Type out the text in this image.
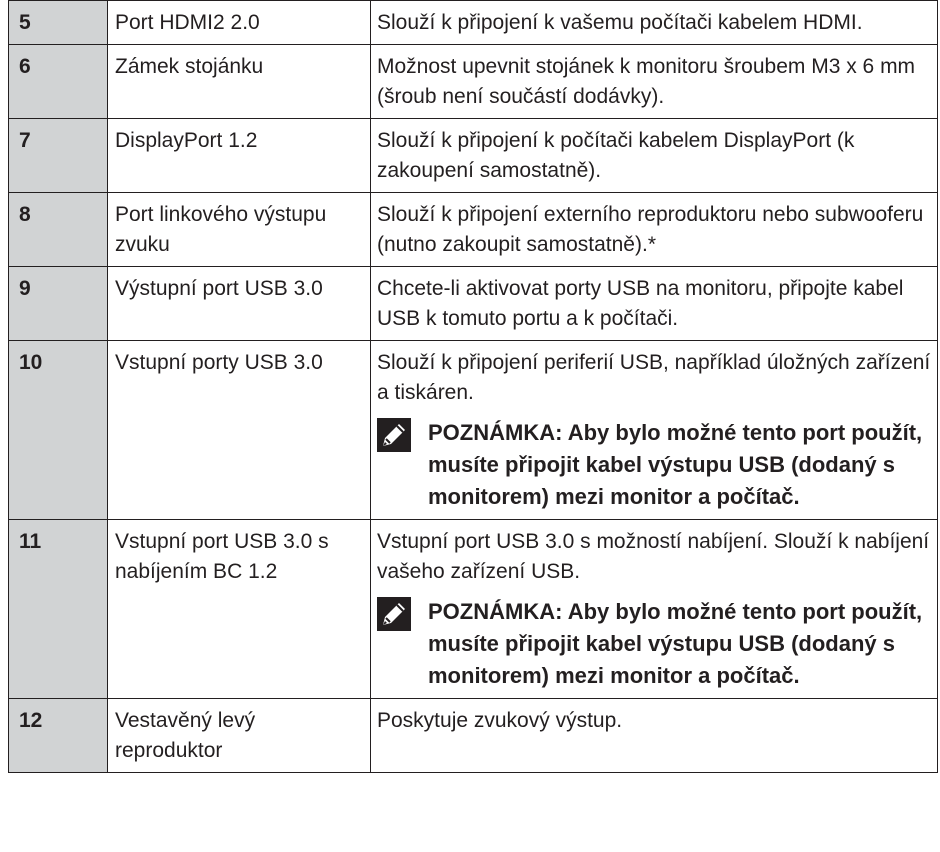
5	Port HDMI2 2.0	Slouží k připojení k vašemu počítači kabelem HDMI.
6	Zámek stojánku	Možnost upevnit stojánek k monitoru šroubem M3 x 6 mm (šroub není součástí dodávky).
7	DisplayPort 1.2	Slouží k připojení k počítači kabelem DisplayPort (k zakoupení samostatně).
8	Port linkového výstupu zvuku	Slouží k připojení externího reproduktoru nebo subwooferu (nutno zakoupit samostatně).*
9	Výstupní port USB 3.0	Chcete-li aktivovat porty USB na monitoru, připojte kabel USB k tomuto portu a k počítači.
10	Vstupní porty USB 3.0	Slouží k připojení periferií USB, například úložných zařízení a tiskáren.
POZNÁMKA: Aby bylo možné tento port použít, musíte připojit kabel výstupu USB (dodaný s monitorem) mezi monitor a počítač.

11	Vstupní port USB 3.0 s nabíjením BC 1.2	Vstupní port USB 3.0 s možností nabíjení. Slouží k nabíjení vašeho zařízení USB.
POZNÁMKA: Aby bylo možné tento port použít, musíte připojit kabel výstupu USB (dodaný s monitorem) mezi monitor a počítač.

12	Vestavěný levý reproduktor	Poskytuje zvukový výstup.
